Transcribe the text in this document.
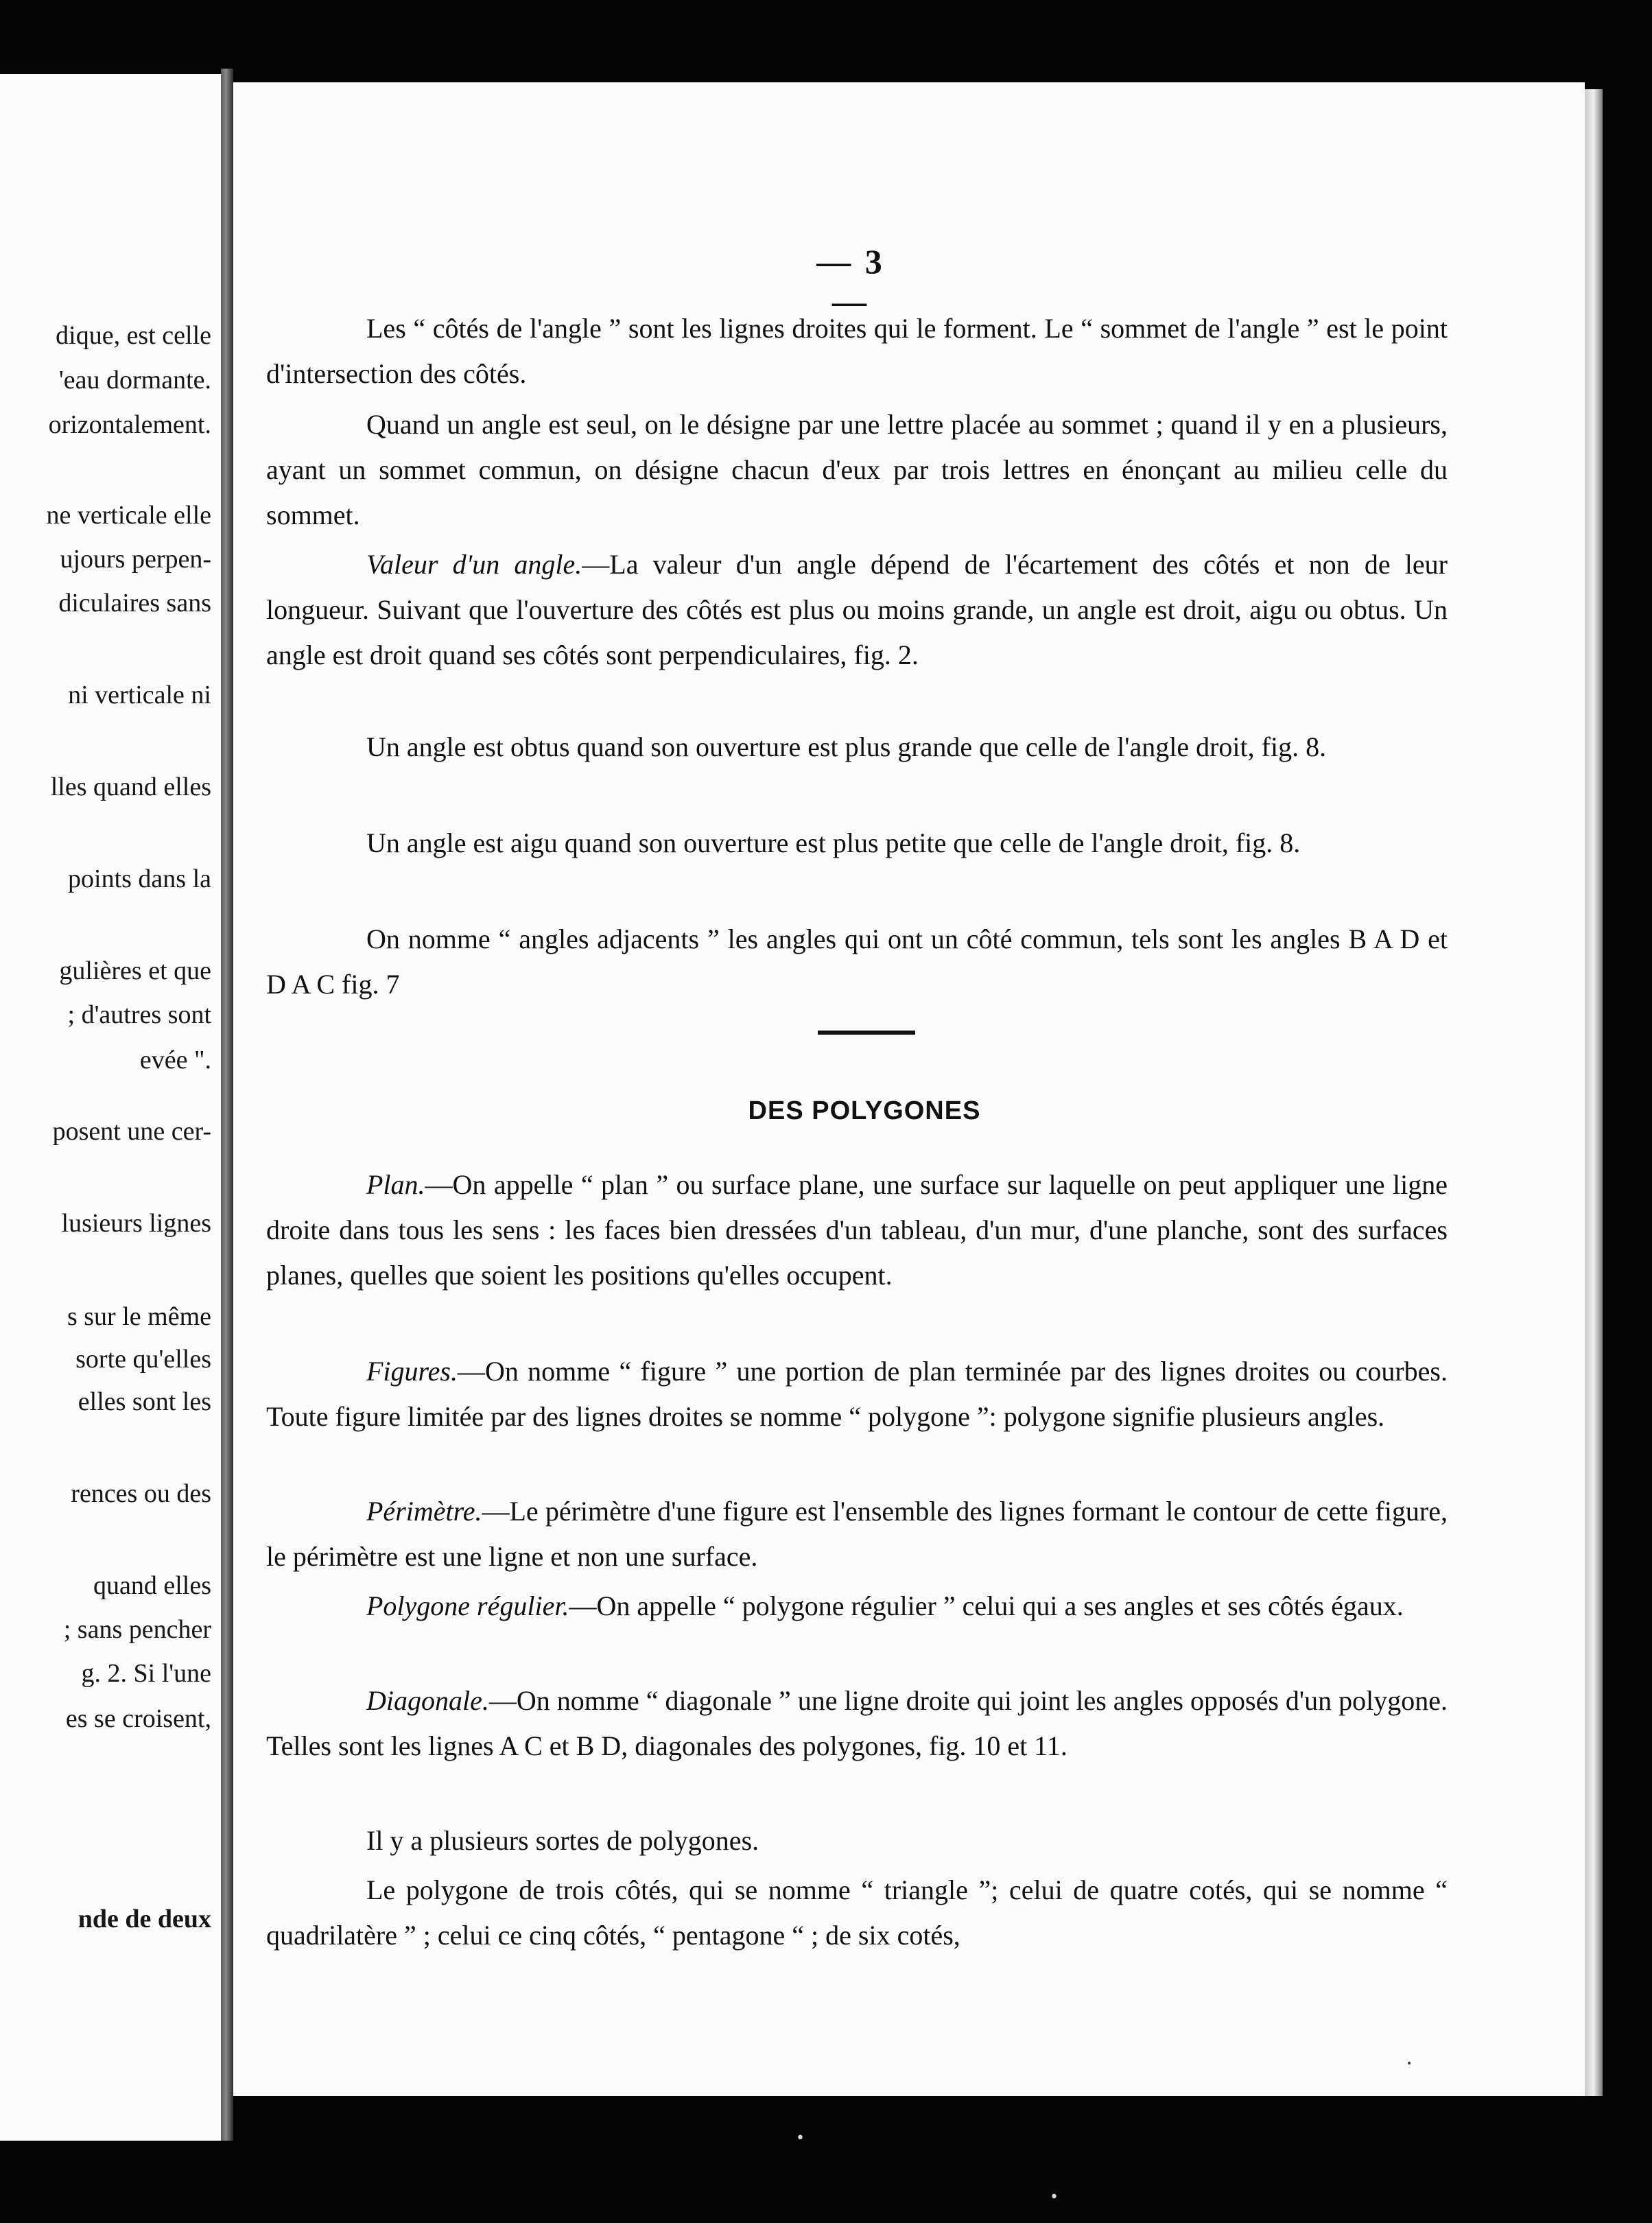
dique, est celle
'eau dormante.
orizontalement.
ne verticale elle
ujours perpen-
diculaires sans
ni verticale ni
lles quand elles
points dans la
gulières et que
; d'autres sont
evée ".
posent une cer-
lusieurs lignes
s sur le même
sorte qu'elles
elles sont les
rences ou des
quand elles
; sans pencher
g. 2. Si l'une
es se croisent,
nde de deux
— 3 —

Les “ côtés de l'angle ” sont les lignes droites qui le forment. Le “ sommet de l'angle ” est le point d'intersection des côtés.

Quand un angle est seul, on le désigne par une lettre placée au sommet ; quand il y en a plusieurs, ayant un sommet commun, on désigne chacun d'eux par trois lettres en énonçant au milieu celle du sommet.

Valeur d'un angle.—La valeur d'un angle dépend de l'écartement des côtés et non de leur longueur. Suivant que l'ouverture des côtés est plus ou moins grande, un angle est droit, aigu ou obtus. Un angle est droit quand ses côtés sont perpendiculaires, fig. 2.

Un angle est obtus quand son ouverture est plus grande que celle de l'angle droit, fig. 8.

Un angle est aigu quand son ouverture est plus petite que celle de l'angle droit, fig. 8.

On nomme “ angles adjacents ” les angles qui ont un côté commun, tels sont les angles B A D et D A C fig. 7

DES POLYGONES

Plan.—On appelle “ plan ” ou surface plane, une surface sur laquelle on peut appliquer une ligne droite dans tous les sens : les faces bien dressées d'un tableau, d'un mur, d'une planche, sont des surfaces planes, quelles que soient les positions qu'elles occupent.

Figures.—On nomme “ figure ” une portion de plan terminée par des lignes droites ou courbes. Toute figure limitée par des lignes droites se nomme “ polygone ”: polygone signifie plusieurs angles.

Périmètre.—Le périmètre d'une figure est l'ensemble des lignes formant le contour de cette figure, le périmètre est une ligne et non une surface.

Polygone régulier.—On appelle “ polygone régulier ” celui qui a ses angles et ses côtés égaux.

Diagonale.—On nomme “ diagonale ” une ligne droite qui joint les angles opposés d'un polygone. Telles sont les lignes A C et B D, diagonales des polygones, fig. 10 et 11.

Il y a plusieurs sortes de polygones.

Le polygone de trois côtés, qui se nomme “ triangle ”; celui de quatre cotés, qui se nomme “ quadrilatère ” ; celui ce cinq côtés, “ pentagone “ ; de six cotés,

•
•
•
